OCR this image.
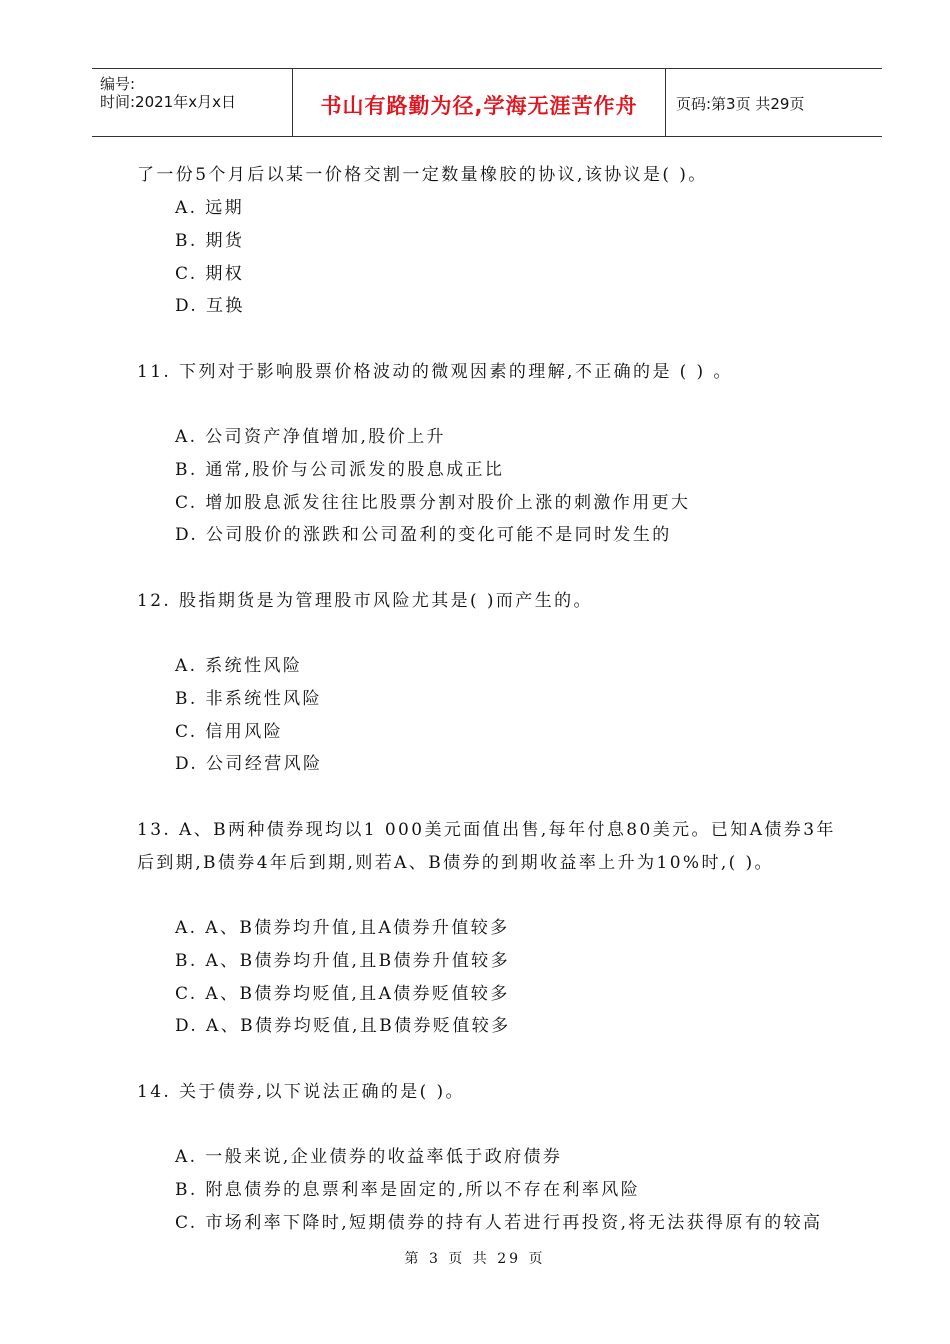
编号:
时间:2021年x月x日	书山有路勤为径,学海无涯苦作舟	页码:第3页 共29页
了一份5个月后以某一价格交割一定数量橡胶的协议,该协议是( )。
A. 远期
B. 期货
C. 期权
D. 互换
11. 下列对于影响股票价格波动的微观因素的理解,不正确的是 ( ) 。
A. 公司资产净值增加,股价上升
B. 通常,股价与公司派发的股息成正比
C. 增加股息派发往往比股票分割对股价上涨的刺激作用更大
D. 公司股价的涨跌和公司盈利的变化可能不是同时发生的
12. 股指期货是为管理股市风险尤其是( )而产生的。
A. 系统性风险
B. 非系统性风险
C. 信用风险
D. 公司经营风险
13. A、B两种债券现均以1 000美元面值出售,每年付息80美元。已知A债券3年
后到期,B债券4年后到期,则若A、B债券的到期收益率上升为10%时,( )。
A. A、B债券均升值,且A债券升值较多
B. A、B债券均升值,且B债券升值较多
C. A、B债券均贬值,且A债券贬值较多
D. A、B债券均贬值,且B债券贬值较多
14. 关于债券,以下说法正确的是( )。
A. 一般来说,企业债券的收益率低于政府债券
B. 附息债券的息票利率是固定的,所以不存在利率风险
C. 市场利率下降时,短期债券的持有人若进行再投资,将无法获得原有的较高
第 3 页 共 29 页
